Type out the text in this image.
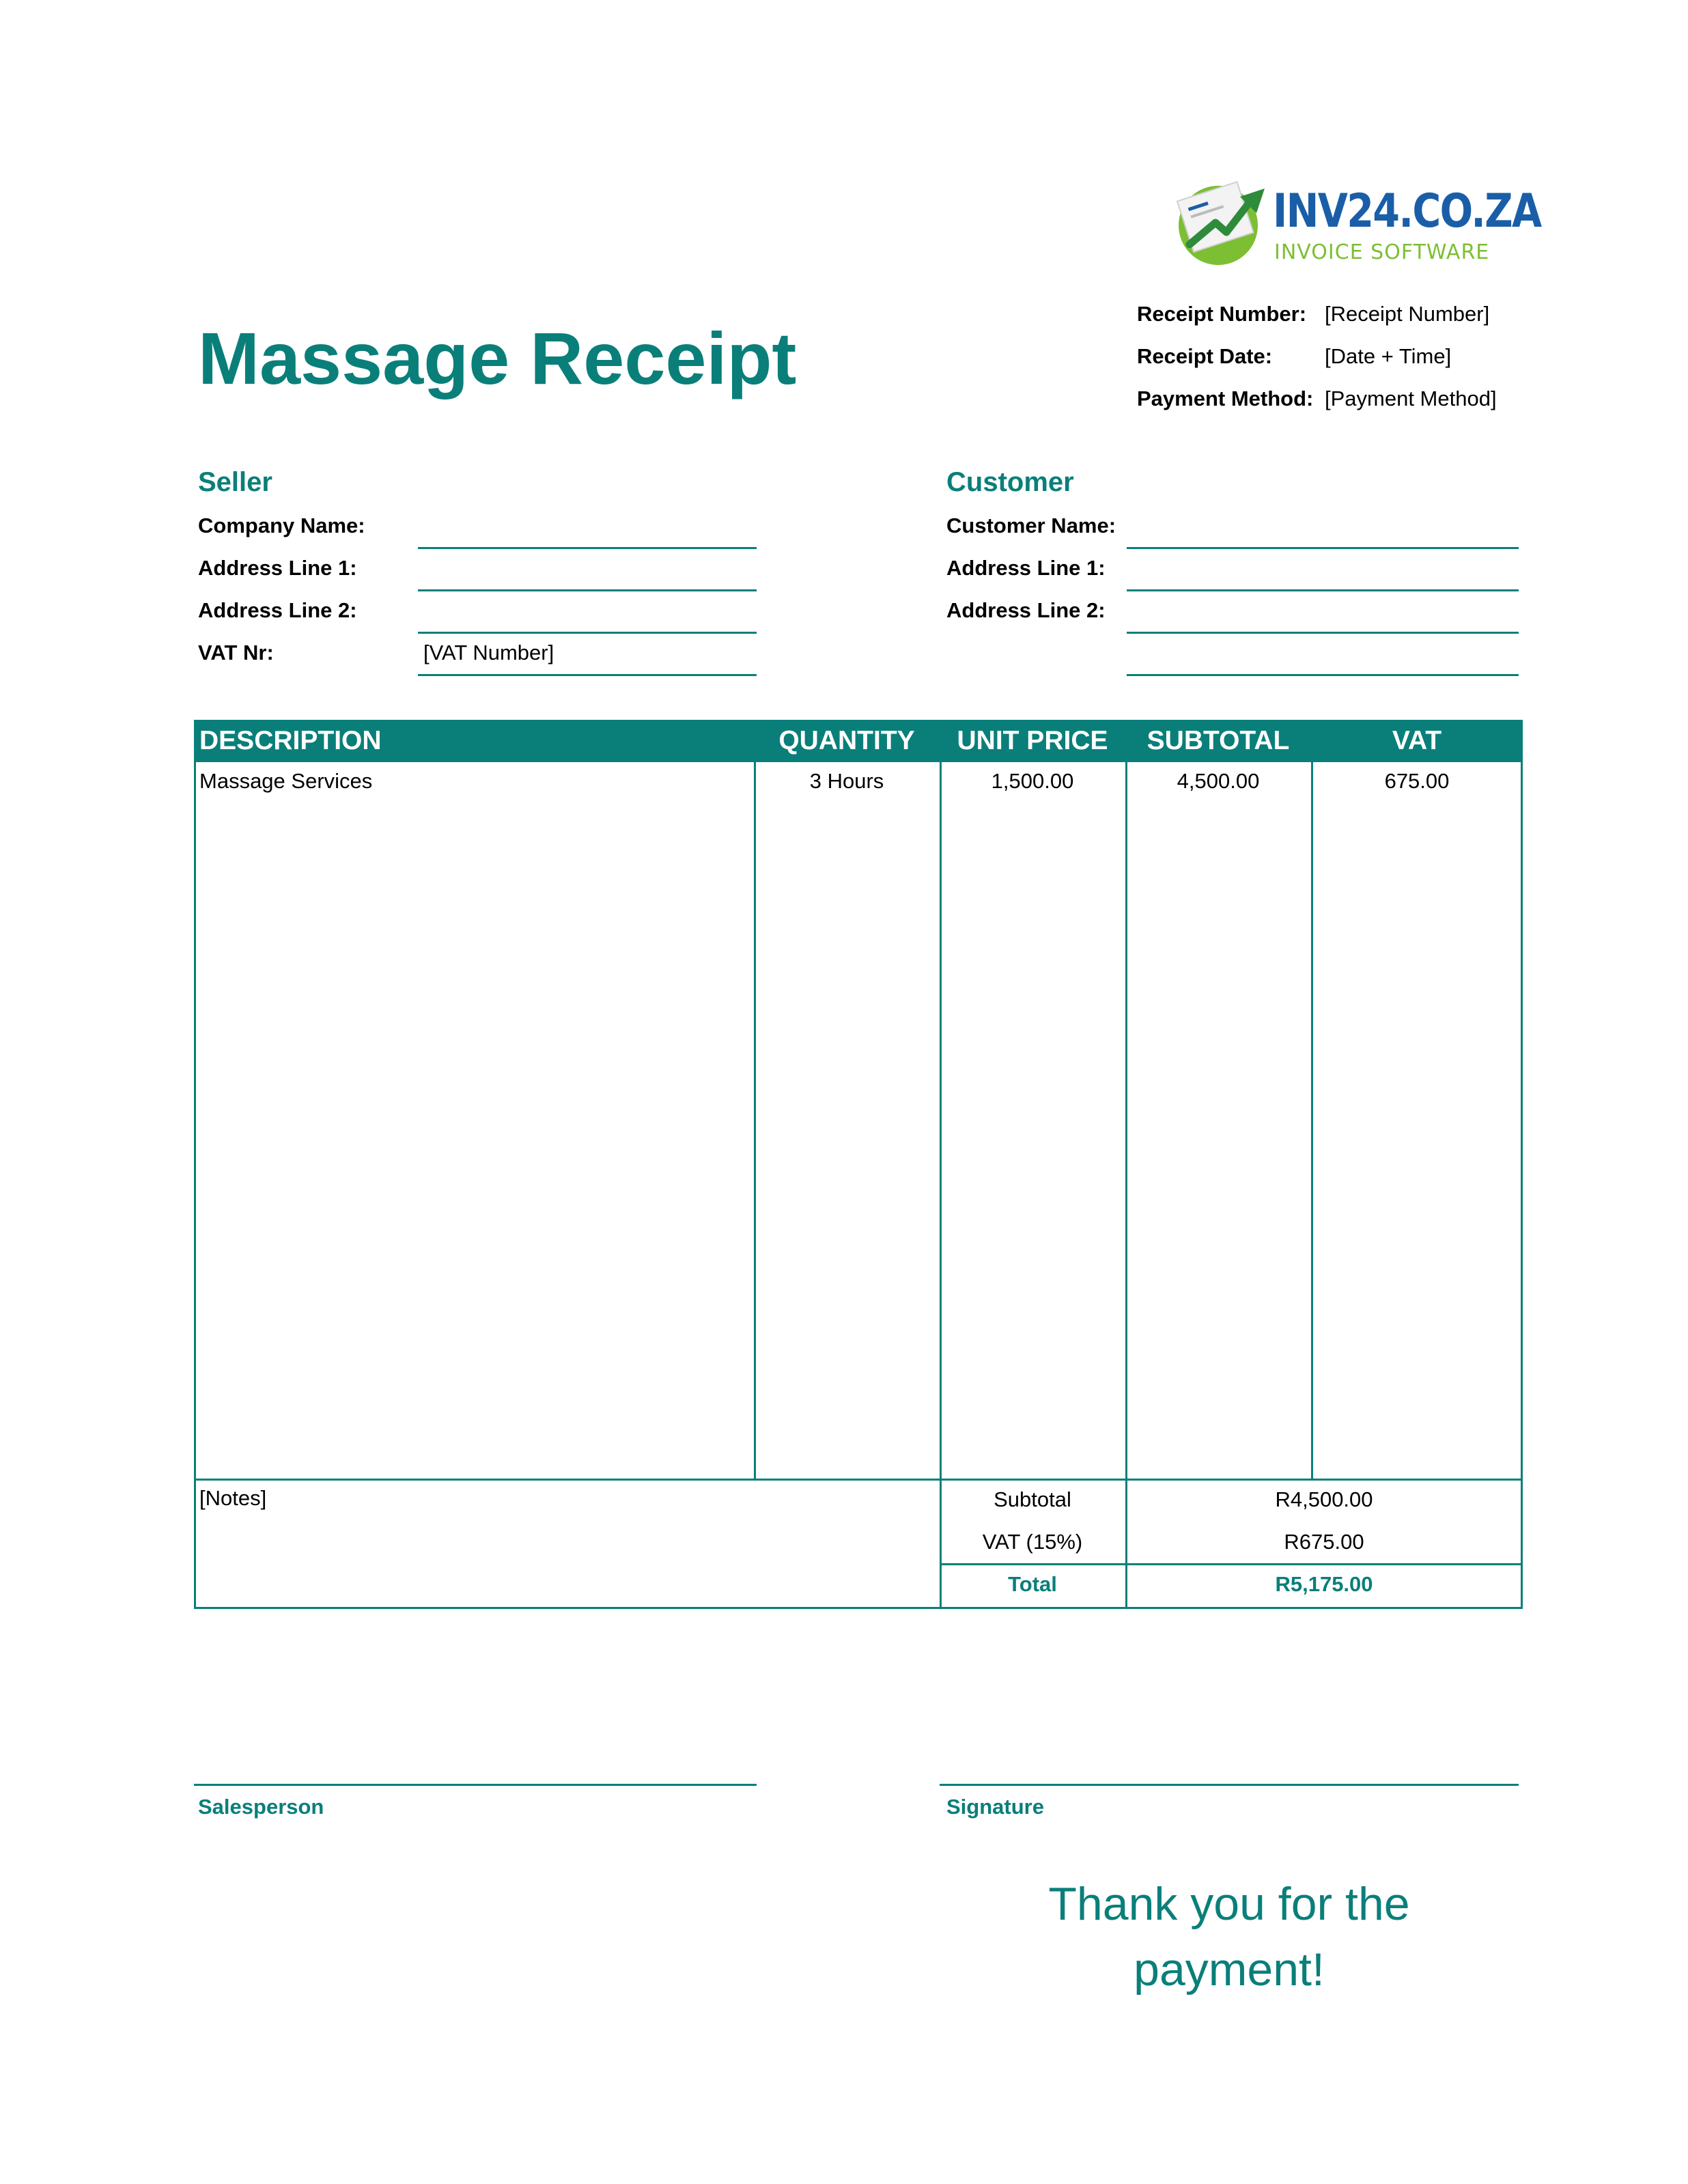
INV24.CO.ZA
INVOICE SOFTWARE
Massage Receipt
Receipt Number: [Receipt Number]
Receipt Date: [Date + Time]
Payment Method: [Payment Method]
Seller
Company Name:
Address Line 1:
Address Line 2:
VAT Nr:	[VAT Number]
Customer
Customer Name:
Address Line 1:
Address Line 2:
DESCRIPTION	QUANTITY	UNIT PRICE	SUBTOTAL	VAT
Massage Services	3 Hours	1,500.00	4,500.00	675.00
[Notes]	Subtotal	R4,500.00
VAT (15%)	R675.00
Total	R5,175.00
Salesperson	Signature
Thank you for the
payment!
